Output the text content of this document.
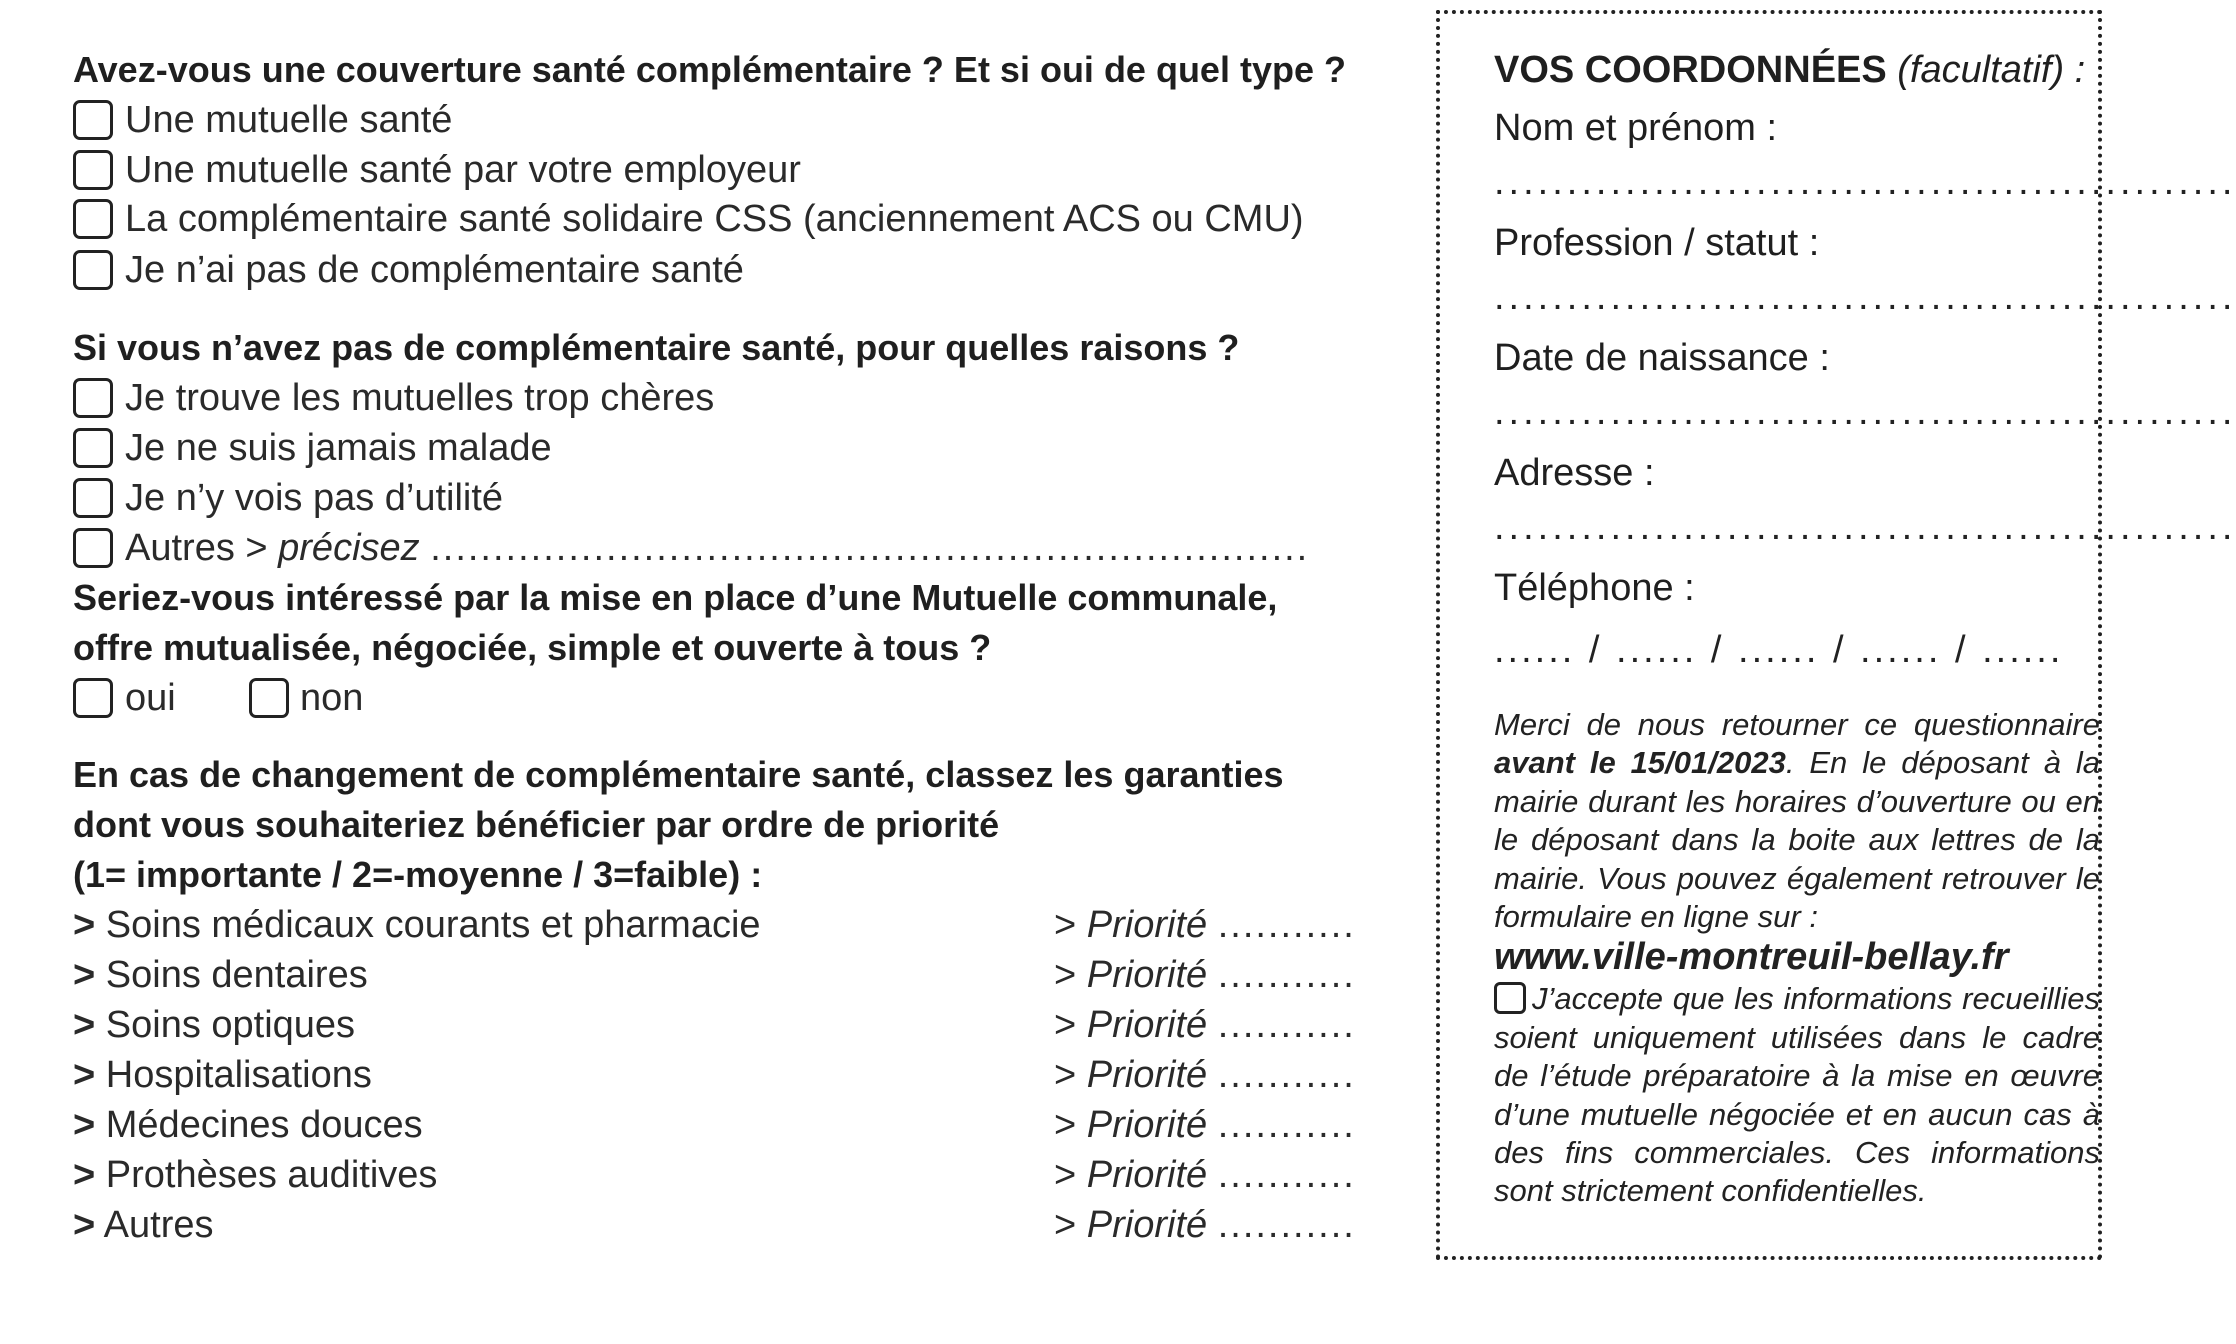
Avez-vous une couverture santé complémentaire ? Et si oui de quel type ?
Une mutuelle santé
Une mutuelle santé par votre employeur
La complémentaire santé solidaire CSS (anciennement ACS ou CMU)
Je n’ai pas de complémentaire santé
Si vous n’avez pas de complémentaire santé, pour quelles raisons ?
Je trouve les mutuelles trop chères
Je ne suis jamais malade
Je n’y vois pas d’utilité
Autres > précisez ......................................................................
Seriez-vous intéressé par la mise en place d’une Mutuelle communale,
offre mutualisée, négociée, simple et ouverte à tous ?
oui	non
En cas de changement de complémentaire santé, classez les garanties
dont vous souhaiteriez bénéficier par ordre de priorité
(1= importante / 2=-moyenne / 3=faible) :
> Soins médicaux courants et pharmacie	> Priorité ...........
> Soins dentaires	> Priorité ...........
> Soins optiques	> Priorité ...........
> Hospitalisations	> Priorité ...........
> Médecines douces	> Priorité ...........
> Prothèses auditives	> Priorité ...........
> Autres	> Priorité ...........
VOS COORDONNÉES (facultatif) :
Nom et prénom :
...................................................
Profession / statut :
...................................................
Date de naissance :
...................................................
Adresse :
...................................................
Téléphone :
...... / ...... / ...... / ...... / ......

Merci de nous retourner ce questionnaire avant le 15/01/2023. En le déposant à la mairie durant les horaires d’ouverture ou en le déposant dans la boite aux lettres de la mairie. Vous pouvez également retrouver le formulaire en ligne sur :

www.ville-montreuil-bellay.fr

J’accepte que les informations recueillies soient uniquement utilisées dans le cadre de l’étude préparatoire à la mise en œuvre d’une mutuelle négociée et en aucun cas à des fins commerciales. Ces informations sont strictement confidentielles.
